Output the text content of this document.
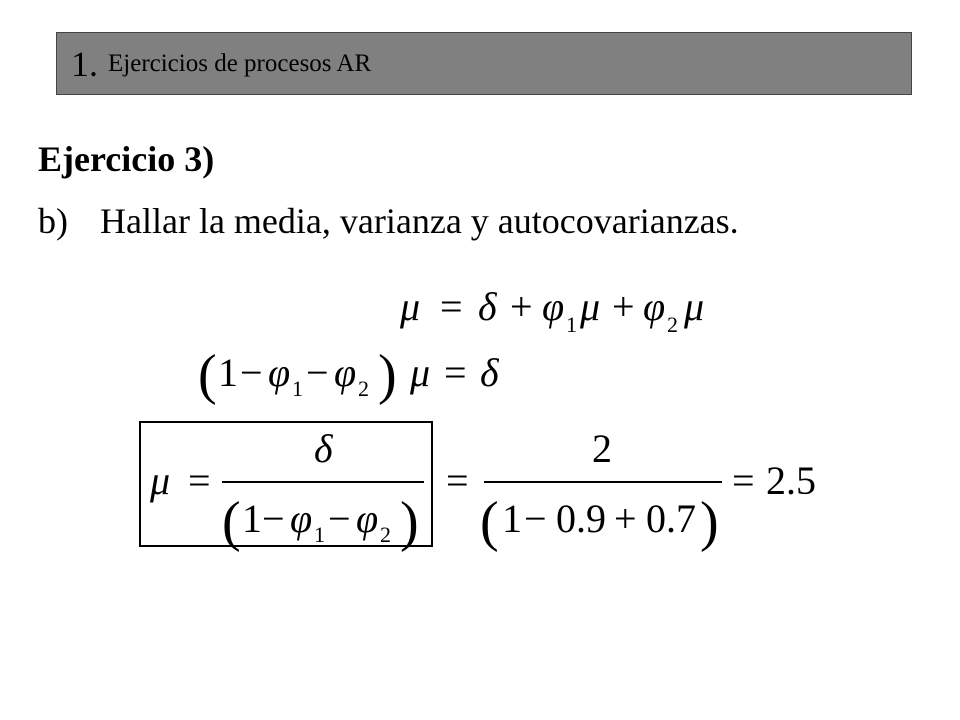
1. Ejercicios de procesos AR
Ejercicio 3)
b) Hallar la media, varianza y autocovarianzas.
μ = δ + φ 1 μ + φ 2 μ
( 1 − φ 1 − φ 2 ) μ = δ
μ =
δ
( 1 − φ 1 − φ 2 )
=
2
( 1 − 0.9 + 0.7 )
= 2.5
